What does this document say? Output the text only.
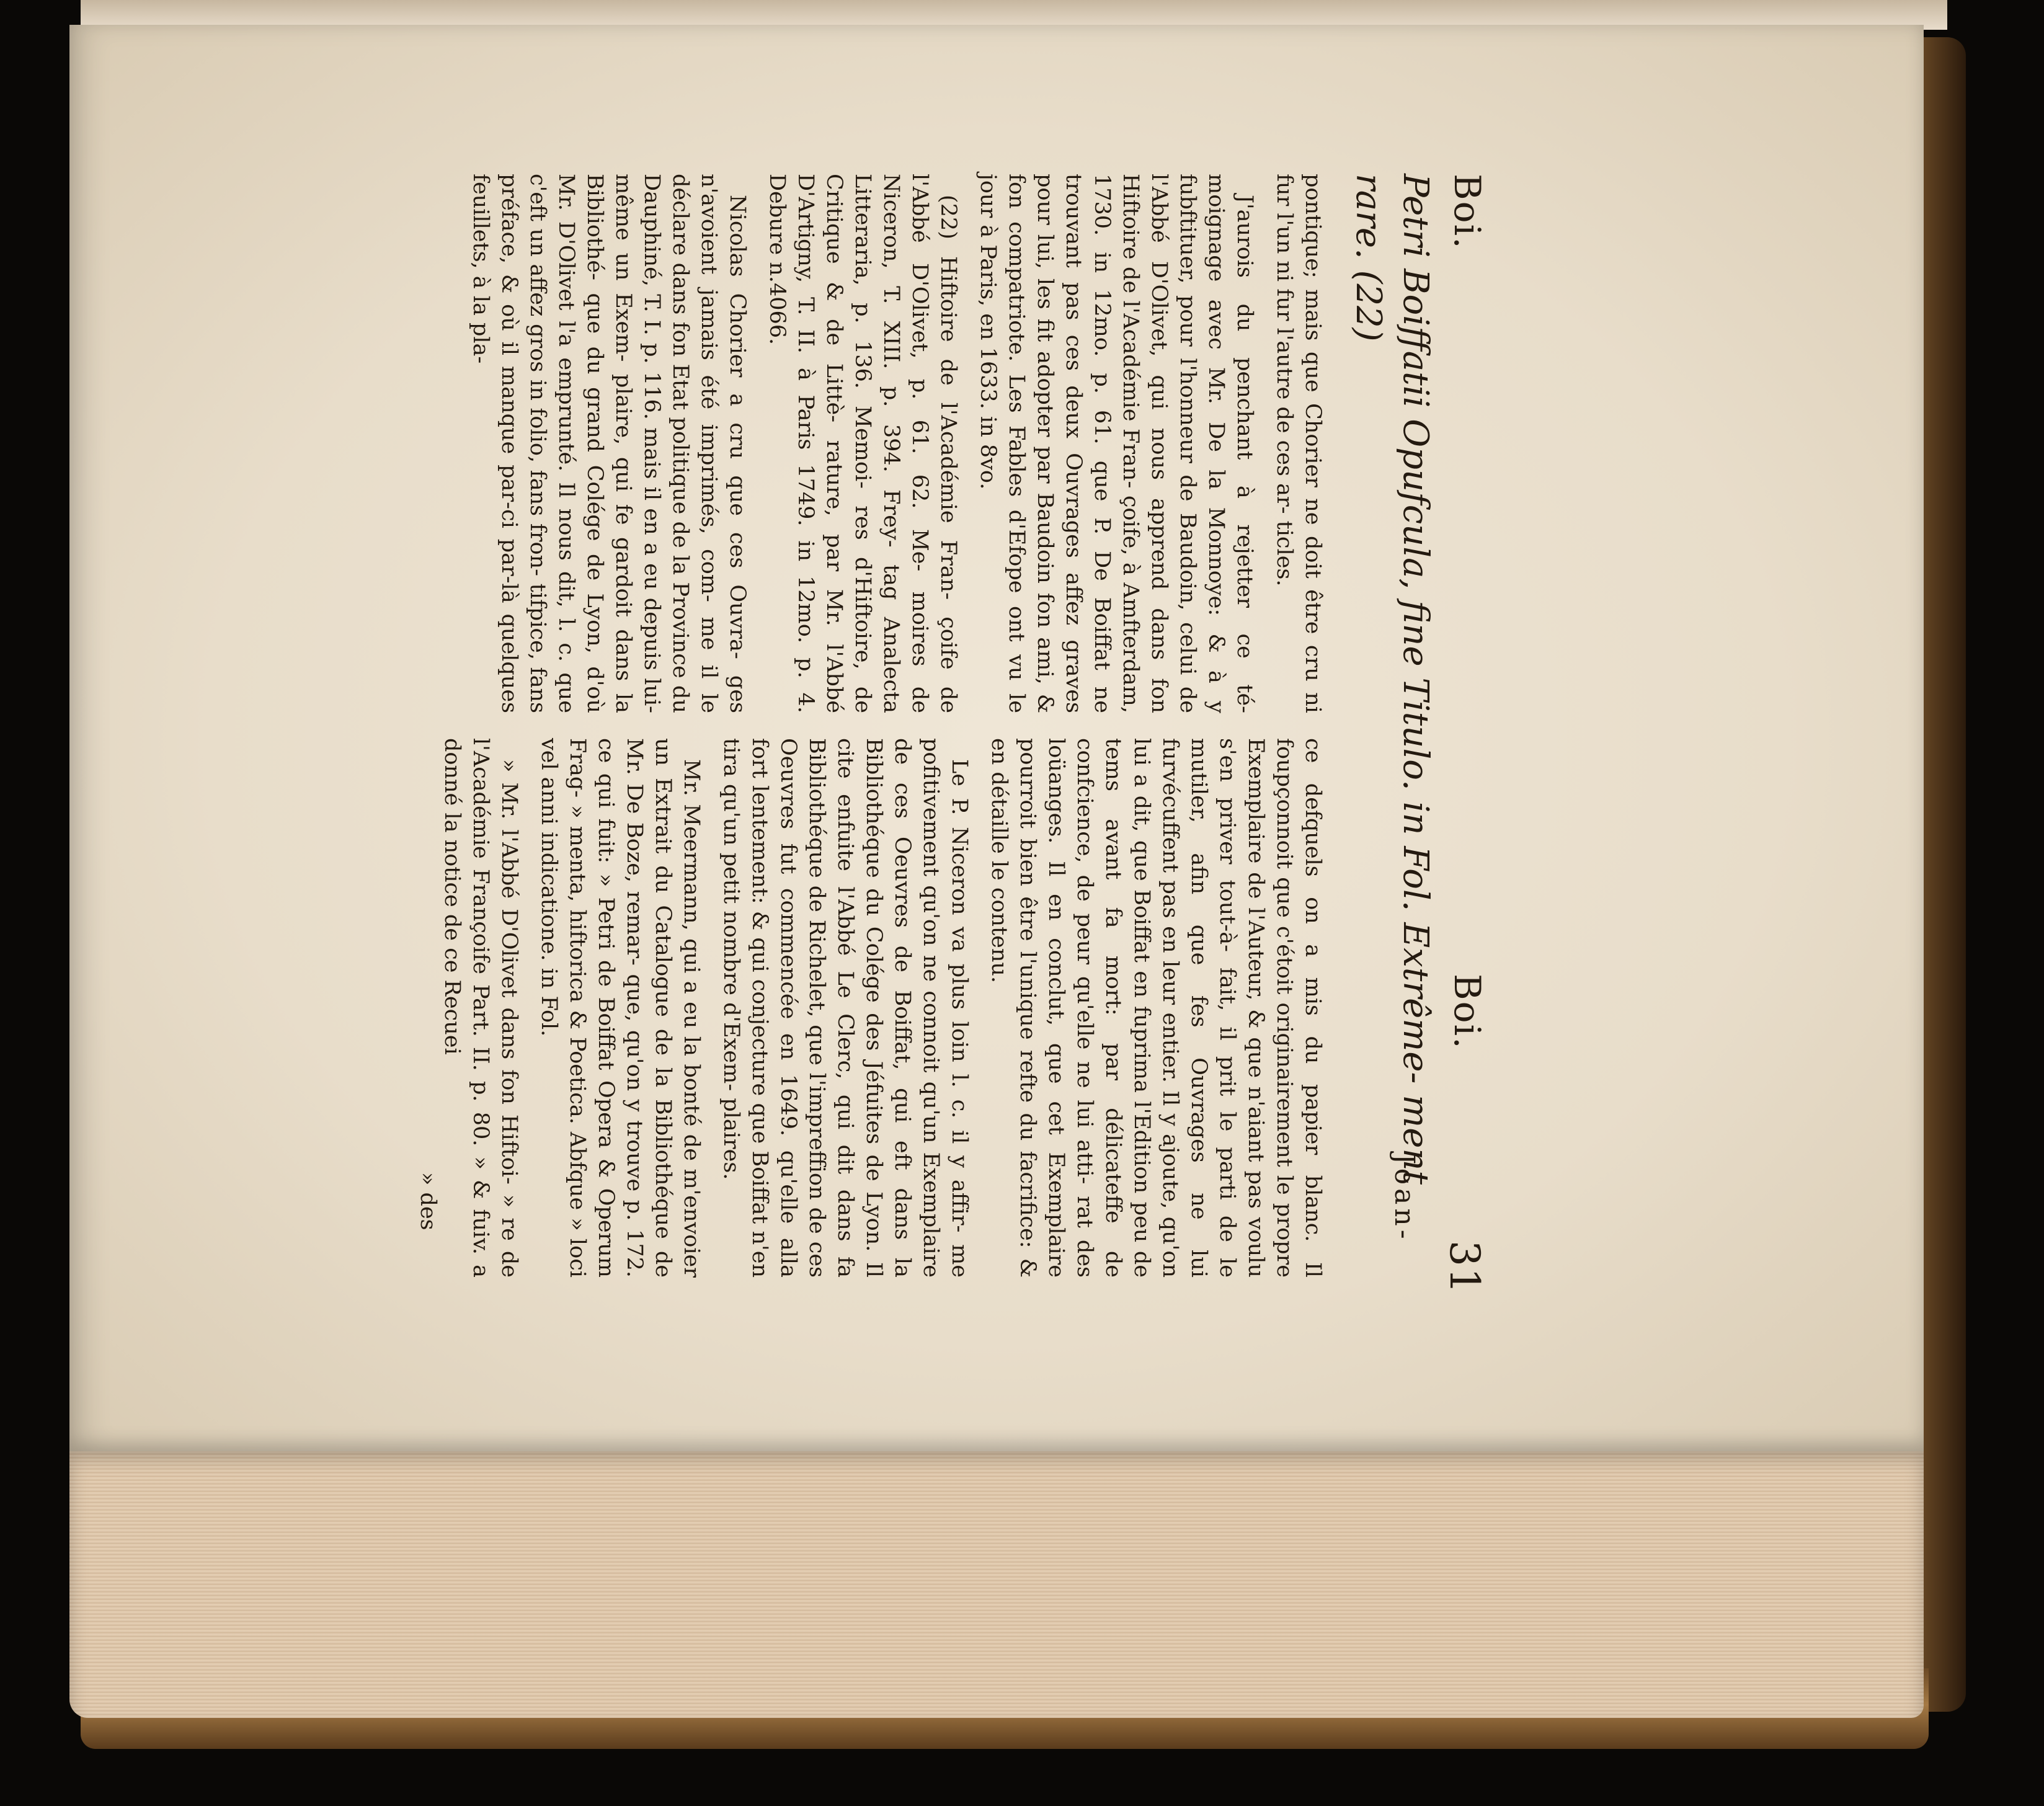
Boi.
Boi.
31
Joan-
Petri Boiffatii Opufcula, fine Titulo. in Fol. Extrême- ment rare. (22)

pontique; mais que Chorier ne doit être cru ni fur l'un ni fur l'autre de ces ar- ticles.

J'aurois du penchant à rejetter ce té- moignage avec Mr. De la Monnoye: & à y fubftituer, pour l'honneur de Baudoin, celui de l'Abbé D'Olivet, qui nous apprend dans fon Hiftoire de l'Académie Fran- çoife, à Amfterdam, 1730. in 12mo. p. 61. que P. De Boiffat ne trouvant pas ces deux Ouvrages affez graves pour lui, les fit adopter par Baudoin fon ami, & fon compatriote. Les Fables d'Efope ont vu le jour à Paris, en 1633. in 8vo.

(22) Hiftoire de l'Académie Fran- çoife de l'Abbé D'Olivet, p. 61. 62. Me- moires de Niceron, T. XIII. p. 394. Frey- tag Analecta Litteraria, p. 136. Memoi- res d'Hiftoire, de Critique & de Littè- rature, par Mr. l'Abbé D'Artigny, T. II. à Paris 1749. in 12mo. p. 4. Debure n.4066.

Nicolas Chorier a cru que ces Ouvra- ges n'avoient jamais été imprimés, com- me il le déclare dans fon Etat politique de la Province du Dauphiné, T. I. p. 116. mais il en a eu depuis lui-même un Exem- plaire, qui fe gardoit dans la Bibliothé- que du grand Colége de Lyon, d'où Mr. D'Olivet l'a emprunté. Il nous dit, l. c. que c'eft un affez gros in folio, fans fron- tifpice, fans préface, & où il manque par-ci par-là quelques feuillets, à la pla-

ce defquels on a mis du papier blanc. Il foupçonnoit que c'étoit originairement le propre Exemplaire de l'Auteur, & que n'aiant pas voulu s'en priver tout-à- fait, il prit le parti de le mutiler, afin que fes Ouvrages ne lui furvécuffent pas en leur entier. Il y ajoute, qu'on lui a dit, que Boiffat en fuprima l'Edition peu de tems avant fa mort: par délicateffe de confcience, de peur qu'elle ne lui atti- rat des loüanges. Il en conclut, que cet Exemplaire pourroit bien être l'unique refte du facrifice: & en détaille le contenu.

Le P. Niceron va plus loin l. c. il y affir- me pofitivement qu'on ne connoit qu'un Exemplaire de ces Oeuvres de Boiffat, qui eft dans la Bibliothéque du Colége des Jéfuites de Lyon. Il cite enfuite l'Abbé Le Clerc, qui dit dans fa Bibliothéque de Richelet, que l'impreffion de ces Oeuvres fut commencée en 1649. qu'elle alla fort lentement: & qui conjecture que Boiffat n'en tira qu'un petit nombre d'Exem- plaires.

Mr. Meermann, qui a eu la bonté de m'envoier un Extrait du Catalogue de la Bibliothéque de Mr. De Boze, remar- que, qu'on y trouve p. 172. ce qui fuit: » Petri de Boiffat Opera & Operum Frag- » menta, hiftorica & Poetica. Abfque » loci vel anni indicatione. in Fol.

» Mr. l'Abbé D'Olivet dans fon Hiftoi- » re de l'Académie Françoife Part. II. p. 80. » & fuiv. a donné la notice de ce Recuei

» des
